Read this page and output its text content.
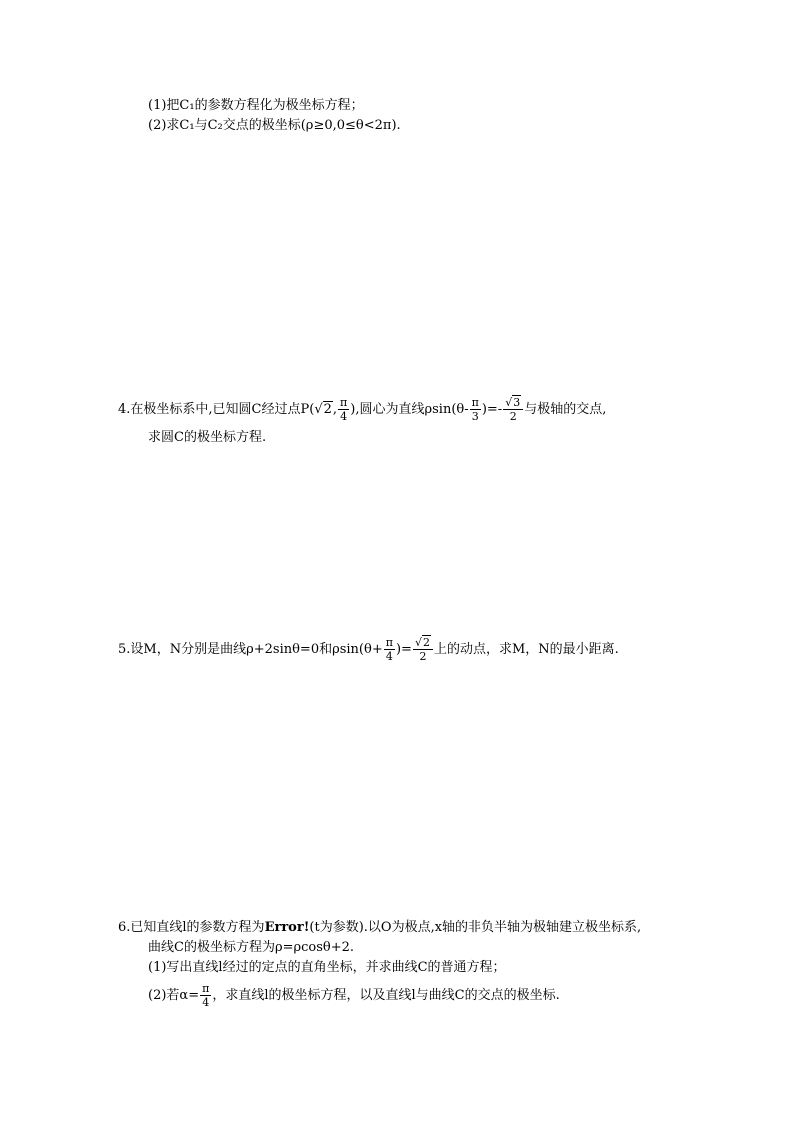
(1)把C₁的参数方程化为极坐标方程；
(2)求C₁与C₂交点的极坐标(ρ≥0,0≤θ<2π).
4.在极坐标系中,已知圆C经过点P(√2, $\frac{\pi}{4}$ ),圆心为直线$\rho\sin(\theta- \frac{\pi}{3}$ )=- $\frac{√3}{2}$ 与极轴的交点,
求圆C的极坐标方程.
5.设M，N分别是曲线ρ+2sinθ=0和$\rho\sin(\theta+ \frac{\pi}{4}$ )= $\frac{√2}{2}$ 上的动点，求M，N的最小距离.
6.已知直线l的参数方程为Error!(t为参数).以O为极点,x轴的非负半轴为极轴建立极坐标系,
曲线C的极坐标方程为ρ=ρcosθ+2.
(1)写出直线l经过的定点的直角坐标，并求曲线C的普通方程；
(2)若$\alpha= \frac{\pi}{4}$ ，求直线l的极坐标方程，以及直线l与曲线C的交点的极坐标.
